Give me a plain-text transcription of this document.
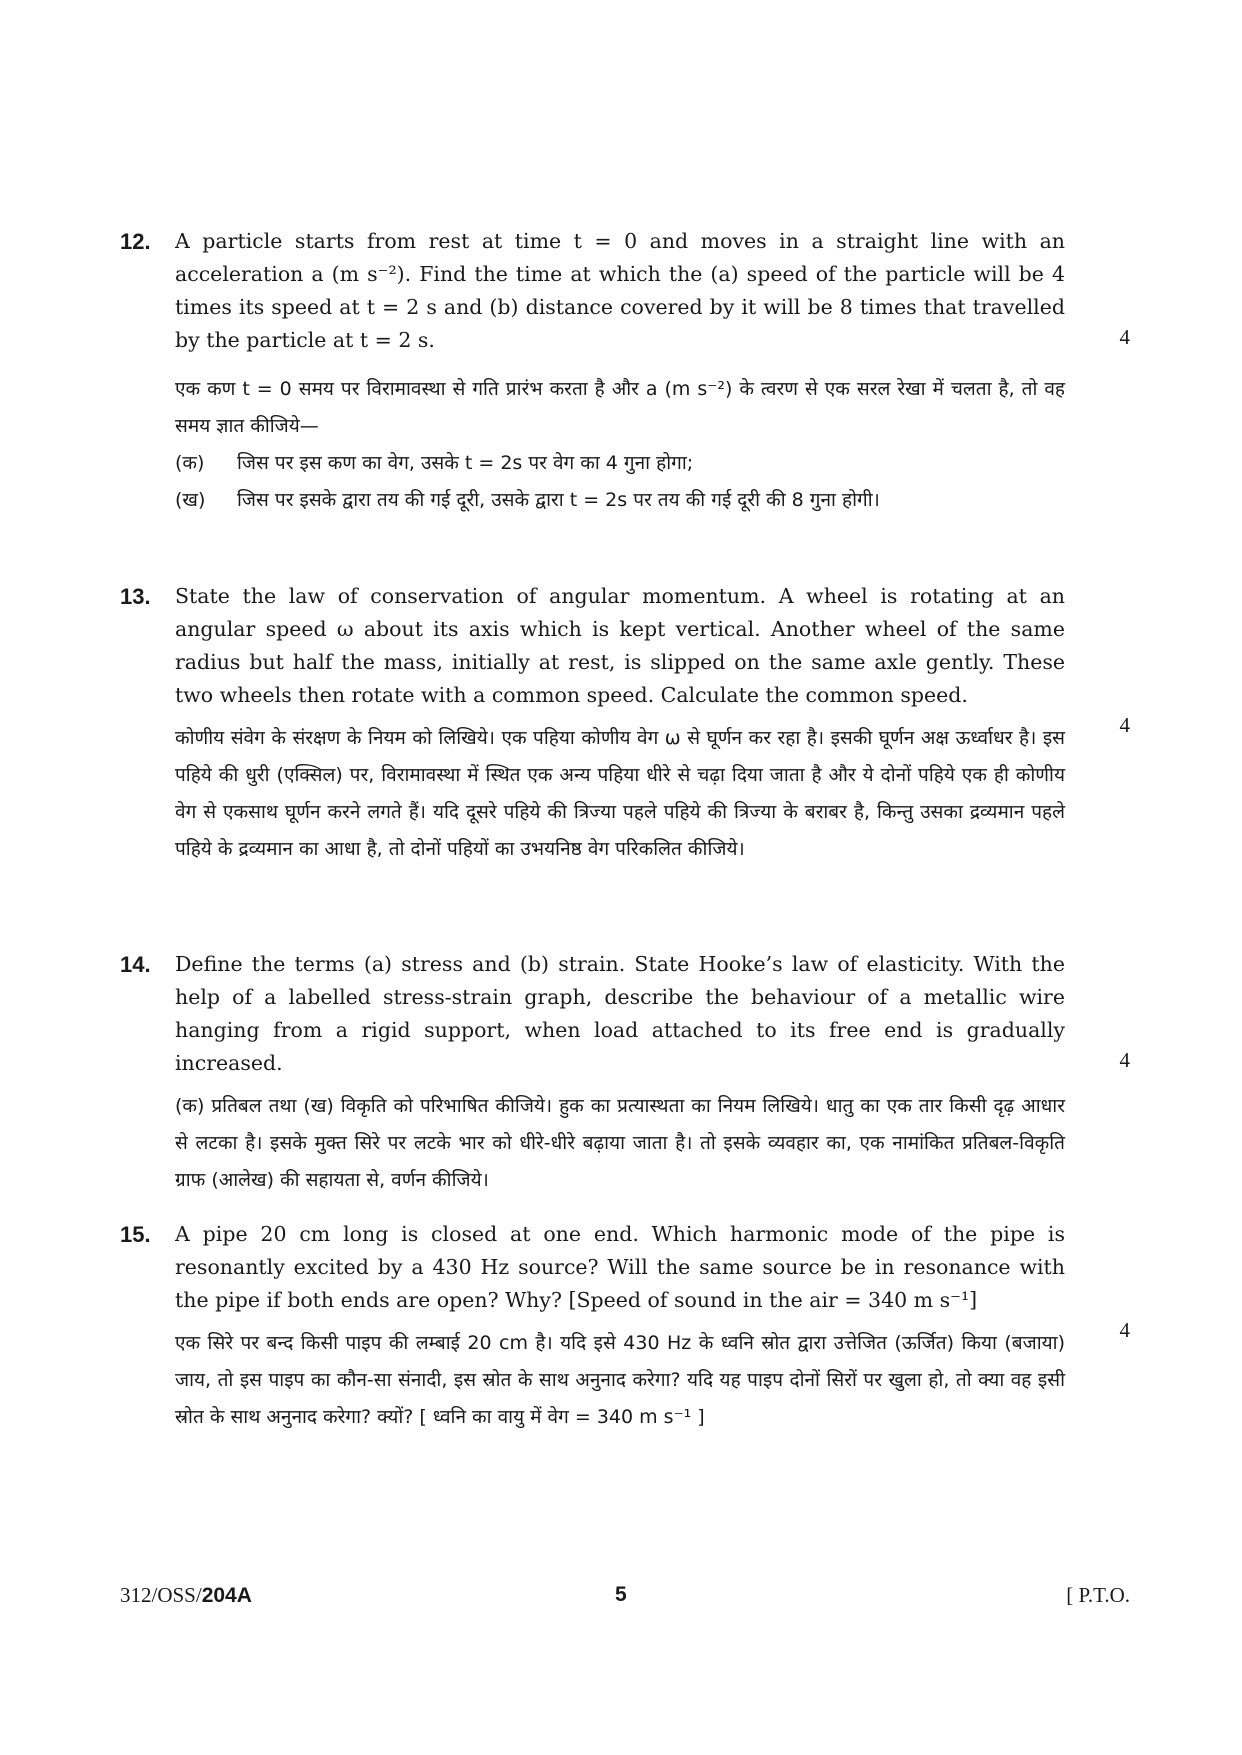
12. A particle starts from rest at time t = 0 and moves in a straight line with an acceleration a (m s⁻²). Find the time at which the (a) speed of the particle will be 4 times its speed at t = 2 s and (b) distance covered by it will be 8 times that travelled by the particle at t = 2 s.	4
एक कण t = 0 समय पर विरामावस्था से गति प्रारंभ करता है और a (m s⁻²) के त्वरण से एक सरल रेखा में चलता है, तो वह समय ज्ञात कीजिये—
(क)	जिस पर इस कण का वेग, उसके t = 2s पर वेग का 4 गुना होगा;
(ख)	जिस पर इसके द्वारा तय की गई दूरी, उसके द्वारा t = 2s पर तय की गई दूरी की 8 गुना होगी।
13. State the law of conservation of angular momentum. A wheel is rotating at an angular speed ω about its axis which is kept vertical. Another wheel of the same radius but half the mass, initially at rest, is slipped on the same axle gently. These two wheels then rotate with a common speed. Calculate the common speed.
4
कोणीय संवेग के संरक्षण के नियम को लिखिये। एक पहिया कोणीय वेग ω से घूर्णन कर रहा है। इसकी घूर्णन अक्ष ऊर्ध्वाधर है। इस पहिये की धुरी (एक्सिल) पर, विरामावस्था में स्थित एक अन्य पहिया धीरे से चढ़ा दिया जाता है और ये दोनों पहिये एक ही कोणीय वेग से एकसाथ घूर्णन करने लगते हैं। यदि दूसरे पहिये की त्रिज्या पहले पहिये की त्रिज्या के बराबर है, किन्तु उसका द्रव्यमान पहले पहिये के द्रव्यमान का आधा है, तो दोनों पहियों का उभयनिष्ठ वेग परिकलित कीजिये।
14. Define the terms (a) stress and (b) strain. State Hooke’s law of elasticity. With the help of a labelled stress-strain graph, describe the behaviour of a metallic wire hanging from a rigid support, when load attached to its free end is gradually increased.	4
(क) प्रतिबल तथा (ख) विकृति को परिभाषित कीजिये। हुक का प्रत्यास्थता का नियम लिखिये। धातु का एक तार किसी दृढ़ आधार से लटका है। इसके मुक्त सिरे पर लटके भार को धीरे-धीरे बढ़ाया जाता है। तो इसके व्यवहार का, एक नामांकित प्रतिबल-विकृति ग्राफ (आलेख) की सहायता से, वर्णन कीजिये।
15. A pipe 20 cm long is closed at one end. Which harmonic mode of the pipe is resonantly excited by a 430 Hz source? Will the same source be in resonance with the pipe if both ends are open? Why? [Speed of sound in the air = 340 m s⁻¹]
4
एक सिरे पर बन्द किसी पाइप की लम्बाई 20 cm है। यदि इसे 430 Hz के ध्वनि स्रोत द्वारा उत्तेजित (ऊर्जित) किया (बजाया) जाय, तो इस पाइप का कौन-सा संनादी, इस स्रोत के साथ अनुनाद करेगा? यदि यह पाइप दोनों सिरों पर खुला हो, तो क्या वह इसी स्रोत के साथ अनुनाद करेगा? क्यों? [ ध्वनि का वायु में वेग = 340 m s⁻¹ ]
312/OSS/204A	5	[ P.T.O.
